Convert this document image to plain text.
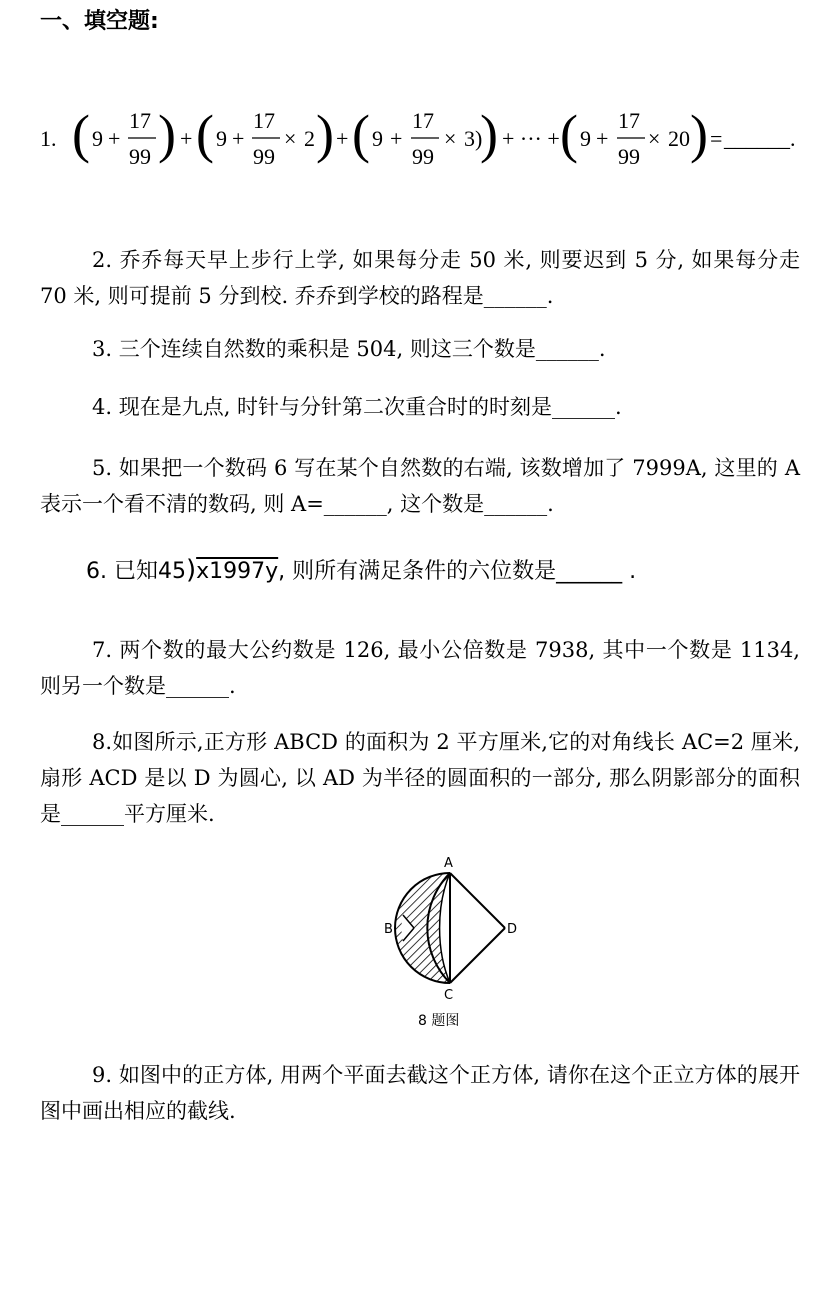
一、填空题:
1. ( 9 +
17
99 ) + ( 9 +
17
99
× 2 ) + ( 9 +
17
99
× 3)
) + ··· + ( 9 +
17
99
× 20 ) = ______.

2. 乔乔每天早上步行上学, 如果每分走 50 米, 则要迟到 5 分, 如果每分走 70 米, 则可提前 5 分到校. 乔乔到学校的路程是______.

3. 三个连续自然数的乘积是 504, 则这三个数是______.

4. 现在是九点, 时针与分针第二次重合时的时刻是______.

5. 如果把一个数码 6 写在某个自然数的右端, 该数增加了 7999A, 这里的 A 表示一个看不清的数码, 则 A=______, 这个数是______.

6. 已知45)x1997y, 则所有满足条件的六位数是______ .

7. 两个数的最大公约数是 126, 最小公倍数是 7938, 其中一个数是 1134, 则另一个数是______.

8.如图所示,正方形 ABCD 的面积为 2 平方厘米,它的对角线长 AC=2 厘米, 扇形 ACD 是以 D 为圆心, 以 AD 为半径的圆面积的一部分, 那么阴影部分的面积是______平方厘米.

A
B
C
D
8 题图

9. 如图中的正方体, 用两个平面去截这个正方体, 请你在这个正立方体的展开图中画出相应的截线.
